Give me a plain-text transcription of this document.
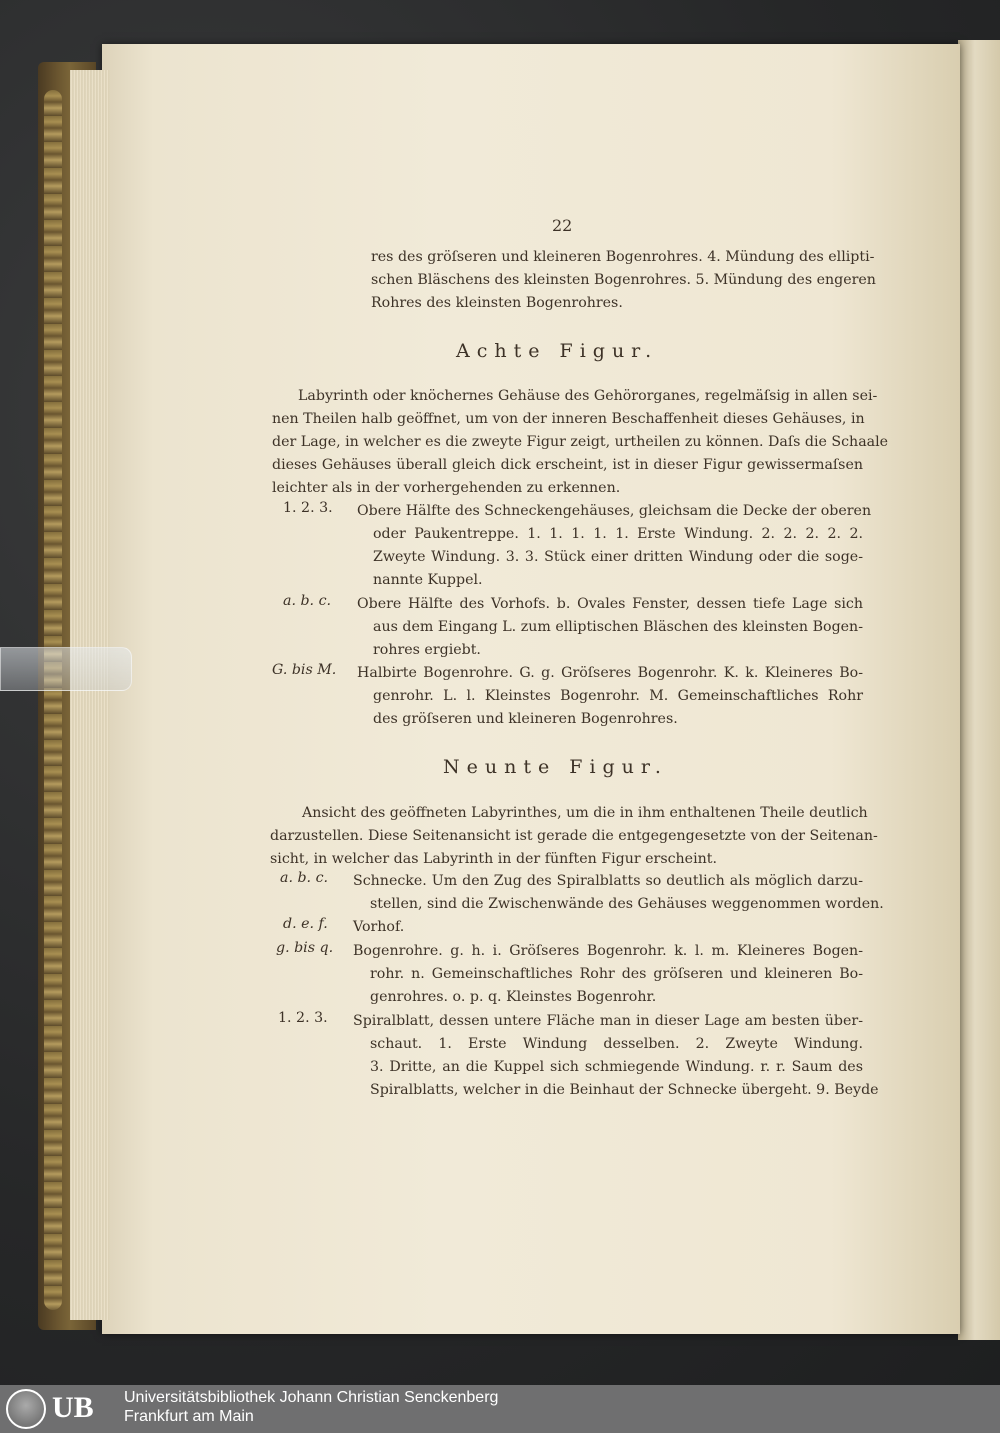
22
res des gröſseren und kleineren Bogenrohres. 4. Mündung des ellipti-
schen Bläschens des kleinsten Bogenrohres. 5. Mündung des engeren
Rohres des kleinsten Bogenrohres.
Achte Figur.
Labyrinth oder knöchernes Gehäuse des Gehörorganes, regelmäſsig in allen sei-
nen Theilen halb geöffnet, um von der inneren Beschaffenheit dieses Gehäuses, in
der Lage, in welcher es die zweyte Figur zeigt, urtheilen zu können. Daſs die Schaale
dieses Gehäuses überall gleich dick erscheint, ist in dieser Figur gewissermaſsen
leichter als in der vorhergehenden zu erkennen.
1. 2. 3. Obere Hälfte des Schneckengehäuses, gleichsam die Decke der oberen
oder Paukentreppe. 1. 1. 1. 1. 1. Erste Windung. 2. 2. 2. 2. 2.
Zweyte Windung. 3. 3. Stück einer dritten Windung oder die soge-
nannte Kuppel.
a. b. c. Obere Hälfte des Vorhofs. b. Ovales Fenster, dessen tiefe Lage sich
aus dem Eingang L. zum elliptischen Bläschen des kleinsten Bogen-
rohres ergiebt.
G. bis M. Halbirte Bogenrohre. G. g. Gröſseres Bogenrohr. K. k. Kleineres Bo-
genrohr. L. l. Kleinstes Bogenrohr. M. Gemeinschaftliches Rohr
des gröſseren und kleineren Bogenrohres.
Neunte Figur.
Ansicht des geöffneten Labyrinthes, um die in ihm enthaltenen Theile deutlich
darzustellen. Diese Seitenansicht ist gerade die entgegengesetzte von der Seitenan-
sicht, in welcher das Labyrinth in der fünften Figur erscheint.
a. b. c. Schnecke. Um den Zug des Spiralblatts so deutlich als möglich darzu-
stellen, sind die Zwischenwände des Gehäuses weggenommen worden.
d. e. f. Vorhof.
g. bis q. Bogenrohre. g. h. i. Gröſseres Bogenrohr. k. l. m. Kleineres Bogen-
rohr. n. Gemeinschaftliches Rohr des gröſseren und kleineren Bo-
genrohres. o. p. q. Kleinstes Bogenrohr.
1. 2. 3. Spiralblatt, dessen untere Fläche man in dieser Lage am besten über-
schaut. 1. Erste Windung desselben. 2. Zweyte Windung.
3. Dritte, an die Kuppel sich schmiegende Windung. r. r. Saum des
Spiralblatts, welcher in die Beinhaut der Schnecke übergeht. 9. Beyde
UB Universitätsbibliothek Johann Christian Senckenberg
Frankfurt am Main
